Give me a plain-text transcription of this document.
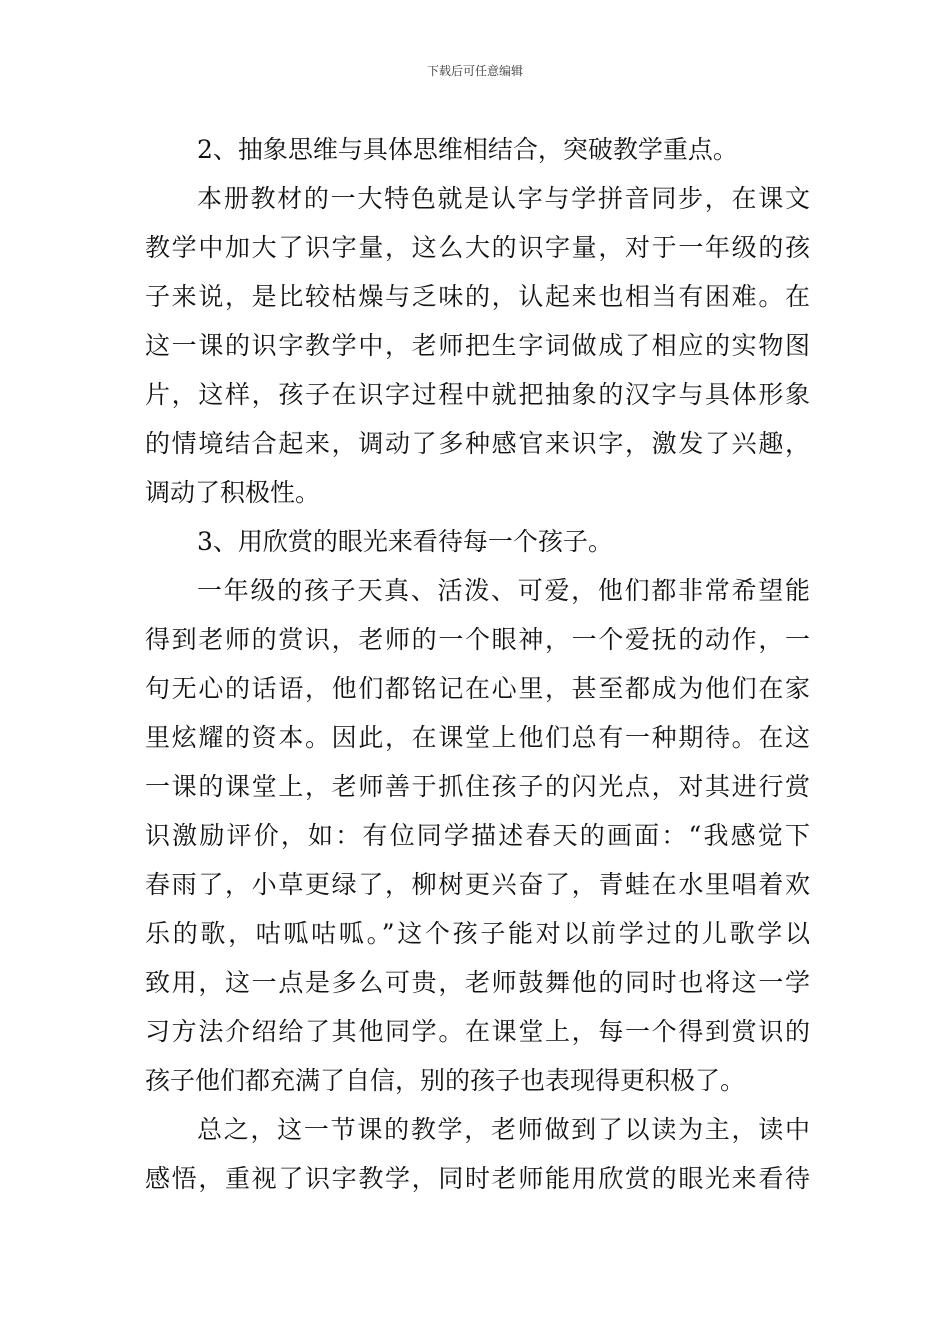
下载后可任意编辑
2、抽象思维与具体思维相结合，突破教学重点。
本册教材的一大特色就是认字与学拼音同步，在课文
教学中加大了识字量，这么大的识字量，对于一年级的孩
子来说，是比较枯燥与乏味的，认起来也相当有困难。在
这一课的识字教学中，老师把生字词做成了相应的实物图
片，这样，孩子在识字过程中就把抽象的汉字与具体形象
的情境结合起来，调动了多种感官来识字，激发了兴趣，
调动了积极性。
3、用欣赏的眼光来看待每一个孩子。
一年级的孩子天真、活泼、可爱，他们都非常希望能
得到老师的赏识，老师的一个眼神，一个爱抚的动作，一
句无心的话语，他们都铭记在心里，甚至都成为他们在家
里炫耀的资本。因此，在课堂上他们总有一种期待。在这
一课的课堂上，老师善于抓住孩子的闪光点，对其进行赏
识激励评价，如：有位同学描述春天的画面：“我感觉下
春雨了，小草更绿了，柳树更兴奋了，青蛙在水里唱着欢
乐的歌，咕呱咕呱。”这个孩子能对以前学过的儿歌学以
致用，这一点是多么可贵，老师鼓舞他的同时也将这一学
习方法介绍给了其他同学。在课堂上，每一个得到赏识的
孩子他们都充满了自信，别的孩子也表现得更积极了。
总之，这一节课的教学，老师做到了以读为主，读中
感悟，重视了识字教学，同时老师能用欣赏的眼光来看待
